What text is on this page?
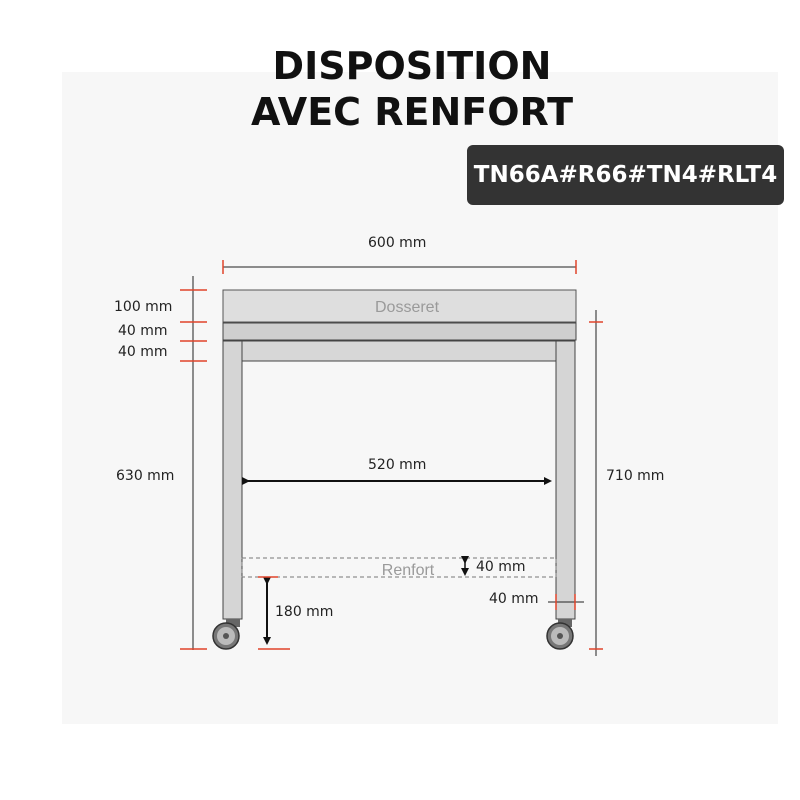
DISPOSITION
AVEC RENFORT
TN66A#R66#TN4#RLT4
Dosseret
Renfort
600 mm
100 mm
40 mm
40 mm
630 mm
520 mm
710 mm
40 mm
40 mm
180 mm
